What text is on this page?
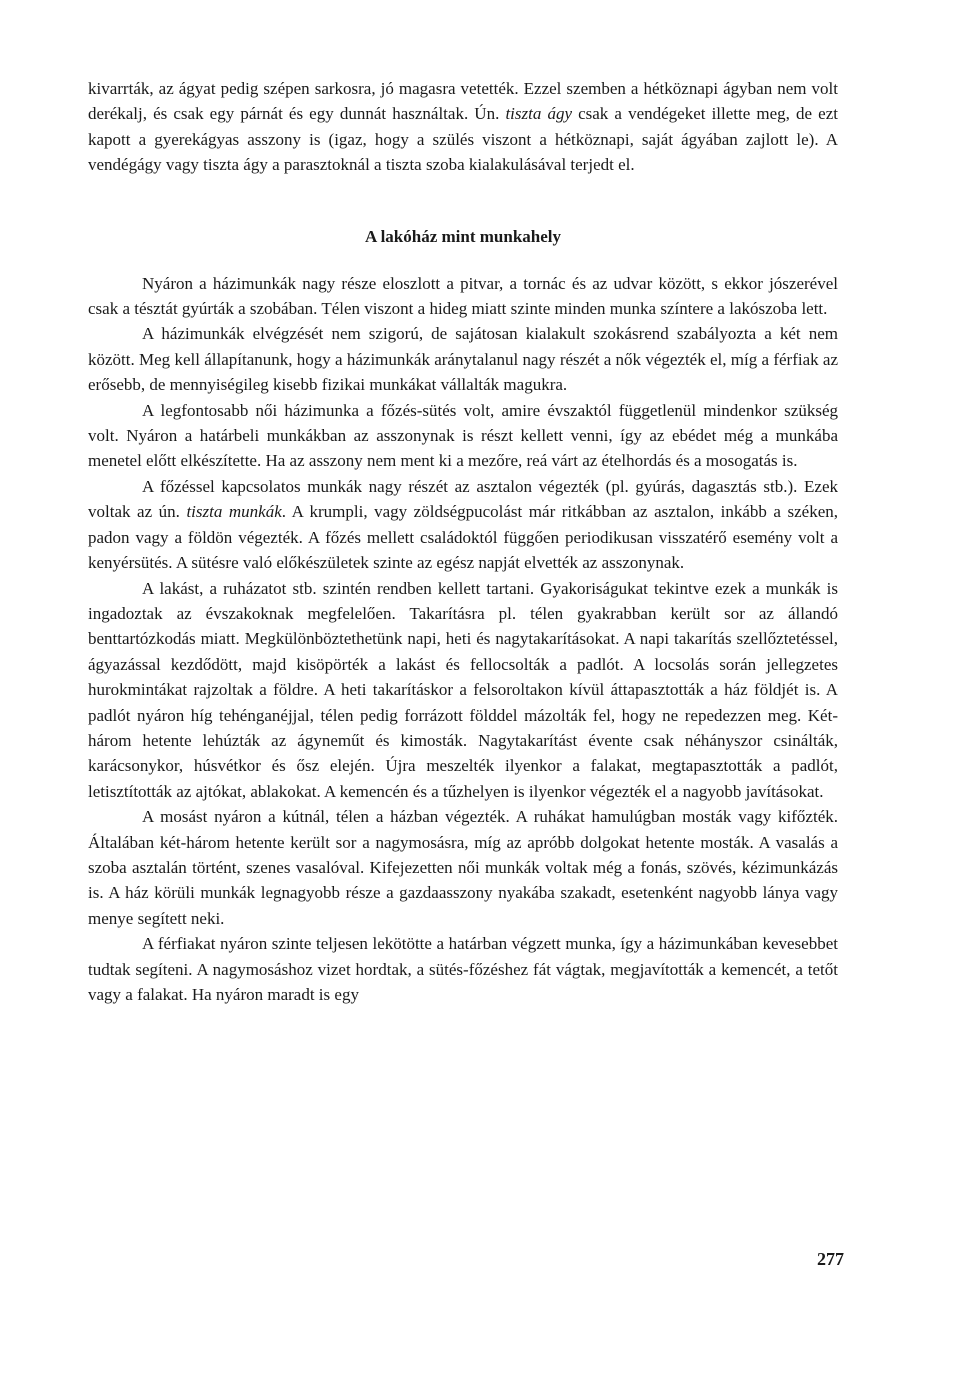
kivarrták, az ágyat pedig szépen sarkosra, jó magasra vetették. Ezzel szemben a hétköznapi ágyban nem volt derékalj, és csak egy párnát és egy dunnát használtak. Ún. tiszta ágy csak a vendégeket illette meg, de ezt kapott a gyerekágyas asszony is (igaz, hogy a szülés viszont a hétköznapi, saját ágyában zajlott le). A vendégágy vagy tiszta ágy a parasztoknál a tiszta szoba kialakulásával terjedt el.

A lakóház mint munkahely

Nyáron a házimunkák nagy része eloszlott a pitvar, a tornác és az udvar között, s ekkor jószerével csak a tésztát gyúrták a szobában. Télen viszont a hideg miatt szinte minden munka színtere a lakószoba lett.

A házimunkák elvégzését nem szigorú, de sajátosan kialakult szokásrend szabályozta a két nem között. Meg kell állapítanunk, hogy a házimunkák aránytalanul nagy részét a nők végezték el, míg a férfiak az erősebb, de mennyiségileg kisebb fizikai munkákat vállalták magukra.

A legfontosabb női házimunka a főzés-sütés volt, amire évszaktól függetlenül mindenkor szükség volt. Nyáron a határbeli munkákban az asszonynak is részt kellett venni, így az ebédet még a munkába menetel előtt elkészítette. Ha az asszony nem ment ki a mezőre, reá várt az ételhordás és a mosogatás is.

A főzéssel kapcsolatos munkák nagy részét az asztalon végezték (pl. gyúrás, dagasztás stb.). Ezek voltak az ún. tiszta munkák. A krumpli, vagy zöldségpucolást már ritkábban az asztalon, inkább a széken, padon vagy a földön végezték. A főzés mellett családoktól függően periodikusan visszatérő esemény volt a kenyérsütés. A sütésre való előkészületek szinte az egész napját elvették az asszonynak.

A lakást, a ruházatot stb. szintén rendben kellett tartani. Gyakoriságukat tekintve ezek a munkák is ingadoztak az évszakoknak megfelelően. Takarításra pl. télen gyakrabban került sor az állandó benttartózkodás miatt. Megkülönböztethetünk napi, heti és nagytakarításokat. A napi takarítás szellőztetéssel, ágyazással kezdődött, majd kisöpörték a lakást és fellocsolták a padlót. A locsolás során jellegzetes hurokmintákat rajzoltak a földre. A heti takarításkor a felsoroltakon kívül áttapasztották a ház földjét is. A padlót nyáron híg tehénganéjjal, télen pedig forrázott földdel mázolták fel, hogy ne repedezzen meg. Két-három hetente lehúzták az ágyneműt és kimosták. Nagytakarítást évente csak néhányszor csinálták, karácsonykor, húsvétkor és ősz elején. Újra meszelték ilyenkor a falakat, megtapasztották a padlót, letisztították az ajtókat, ablakokat. A kemencén és a tűzhelyen is ilyenkor végezték el a nagyobb javításokat.

A mosást nyáron a kútnál, télen a házban végezték. A ruhákat hamulúgban mosták vagy kifőzték. Általában két-három hetente került sor a nagymosásra, míg az apróbb dolgokat hetente mosták. A vasalás a szoba asztalán történt, szenes vasalóval. Kifejezetten női munkák voltak még a fonás, szövés, kézimunkázás is. A ház körüli munkák legnagyobb része a gazdaasszony nyakába szakadt, esetenként nagyobb lánya vagy menye segített neki.

A férfiakat nyáron szinte teljesen lekötötte a határban végzett munka, így a házimunkában kevesebbet tudtak segíteni. A nagymosáshoz vizet hordtak, a sütés-főzéshez fát vágtak, megjavították a kemencét, a tetőt vagy a falakat. Ha nyáron maradt is egy

277
